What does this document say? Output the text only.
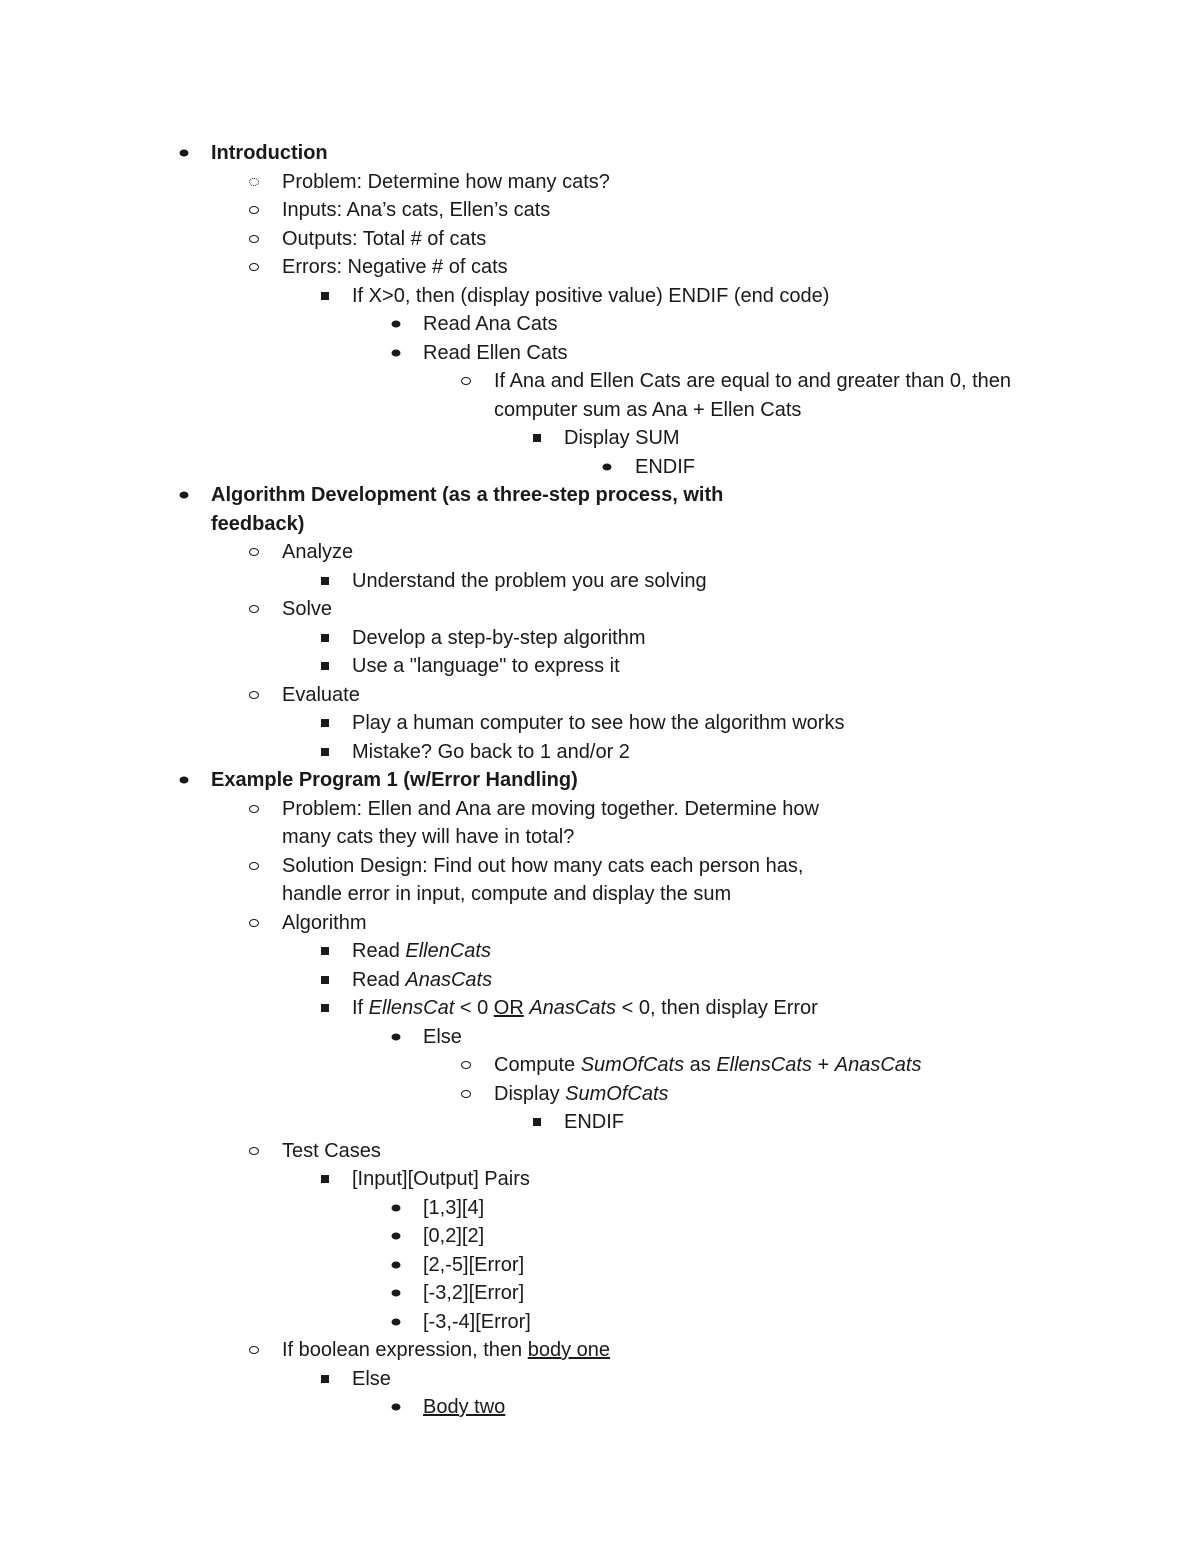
Introduction
Problem: Determine how many cats?
Inputs: Ana’s cats, Ellen’s cats
Outputs: Total # of cats
Errors: Negative # of cats
If X>0, then (display positive value) ENDIF (end code)
Read Ana Cats
Read Ellen Cats
If Ana and Ellen Cats are equal to and greater than 0, then computer sum as Ana + Ellen Cats
Display SUM
ENDIF
Algorithm Development (as a three-step process, with feedback)
Analyze
Understand the problem you are solving
Solve
Develop a step-by-step algorithm
Use a "language" to express it
Evaluate
Play a human computer to see how the algorithm works
Mistake? Go back to 1 and/or 2
Example Program 1 (w/Error Handling)
Problem: Ellen and Ana are moving together. Determine how many cats they will have in total?
Solution Design: Find out how many cats each person has, handle error in input, compute and display the sum
Algorithm
Read EllenCats
Read AnasCats
If EllensCat < 0 OR AnasCats < 0, then display Error
Else
Compute SumOfCats as EllensCats + AnasCats
Display SumOfCats
ENDIF
Test Cases
[Input][Output] Pairs
[1,3][4]
[0,2][2]
[2,-5][Error]
[-3,2][Error]
[-3,-4][Error]
If boolean expression, then body one
Else
Body two
